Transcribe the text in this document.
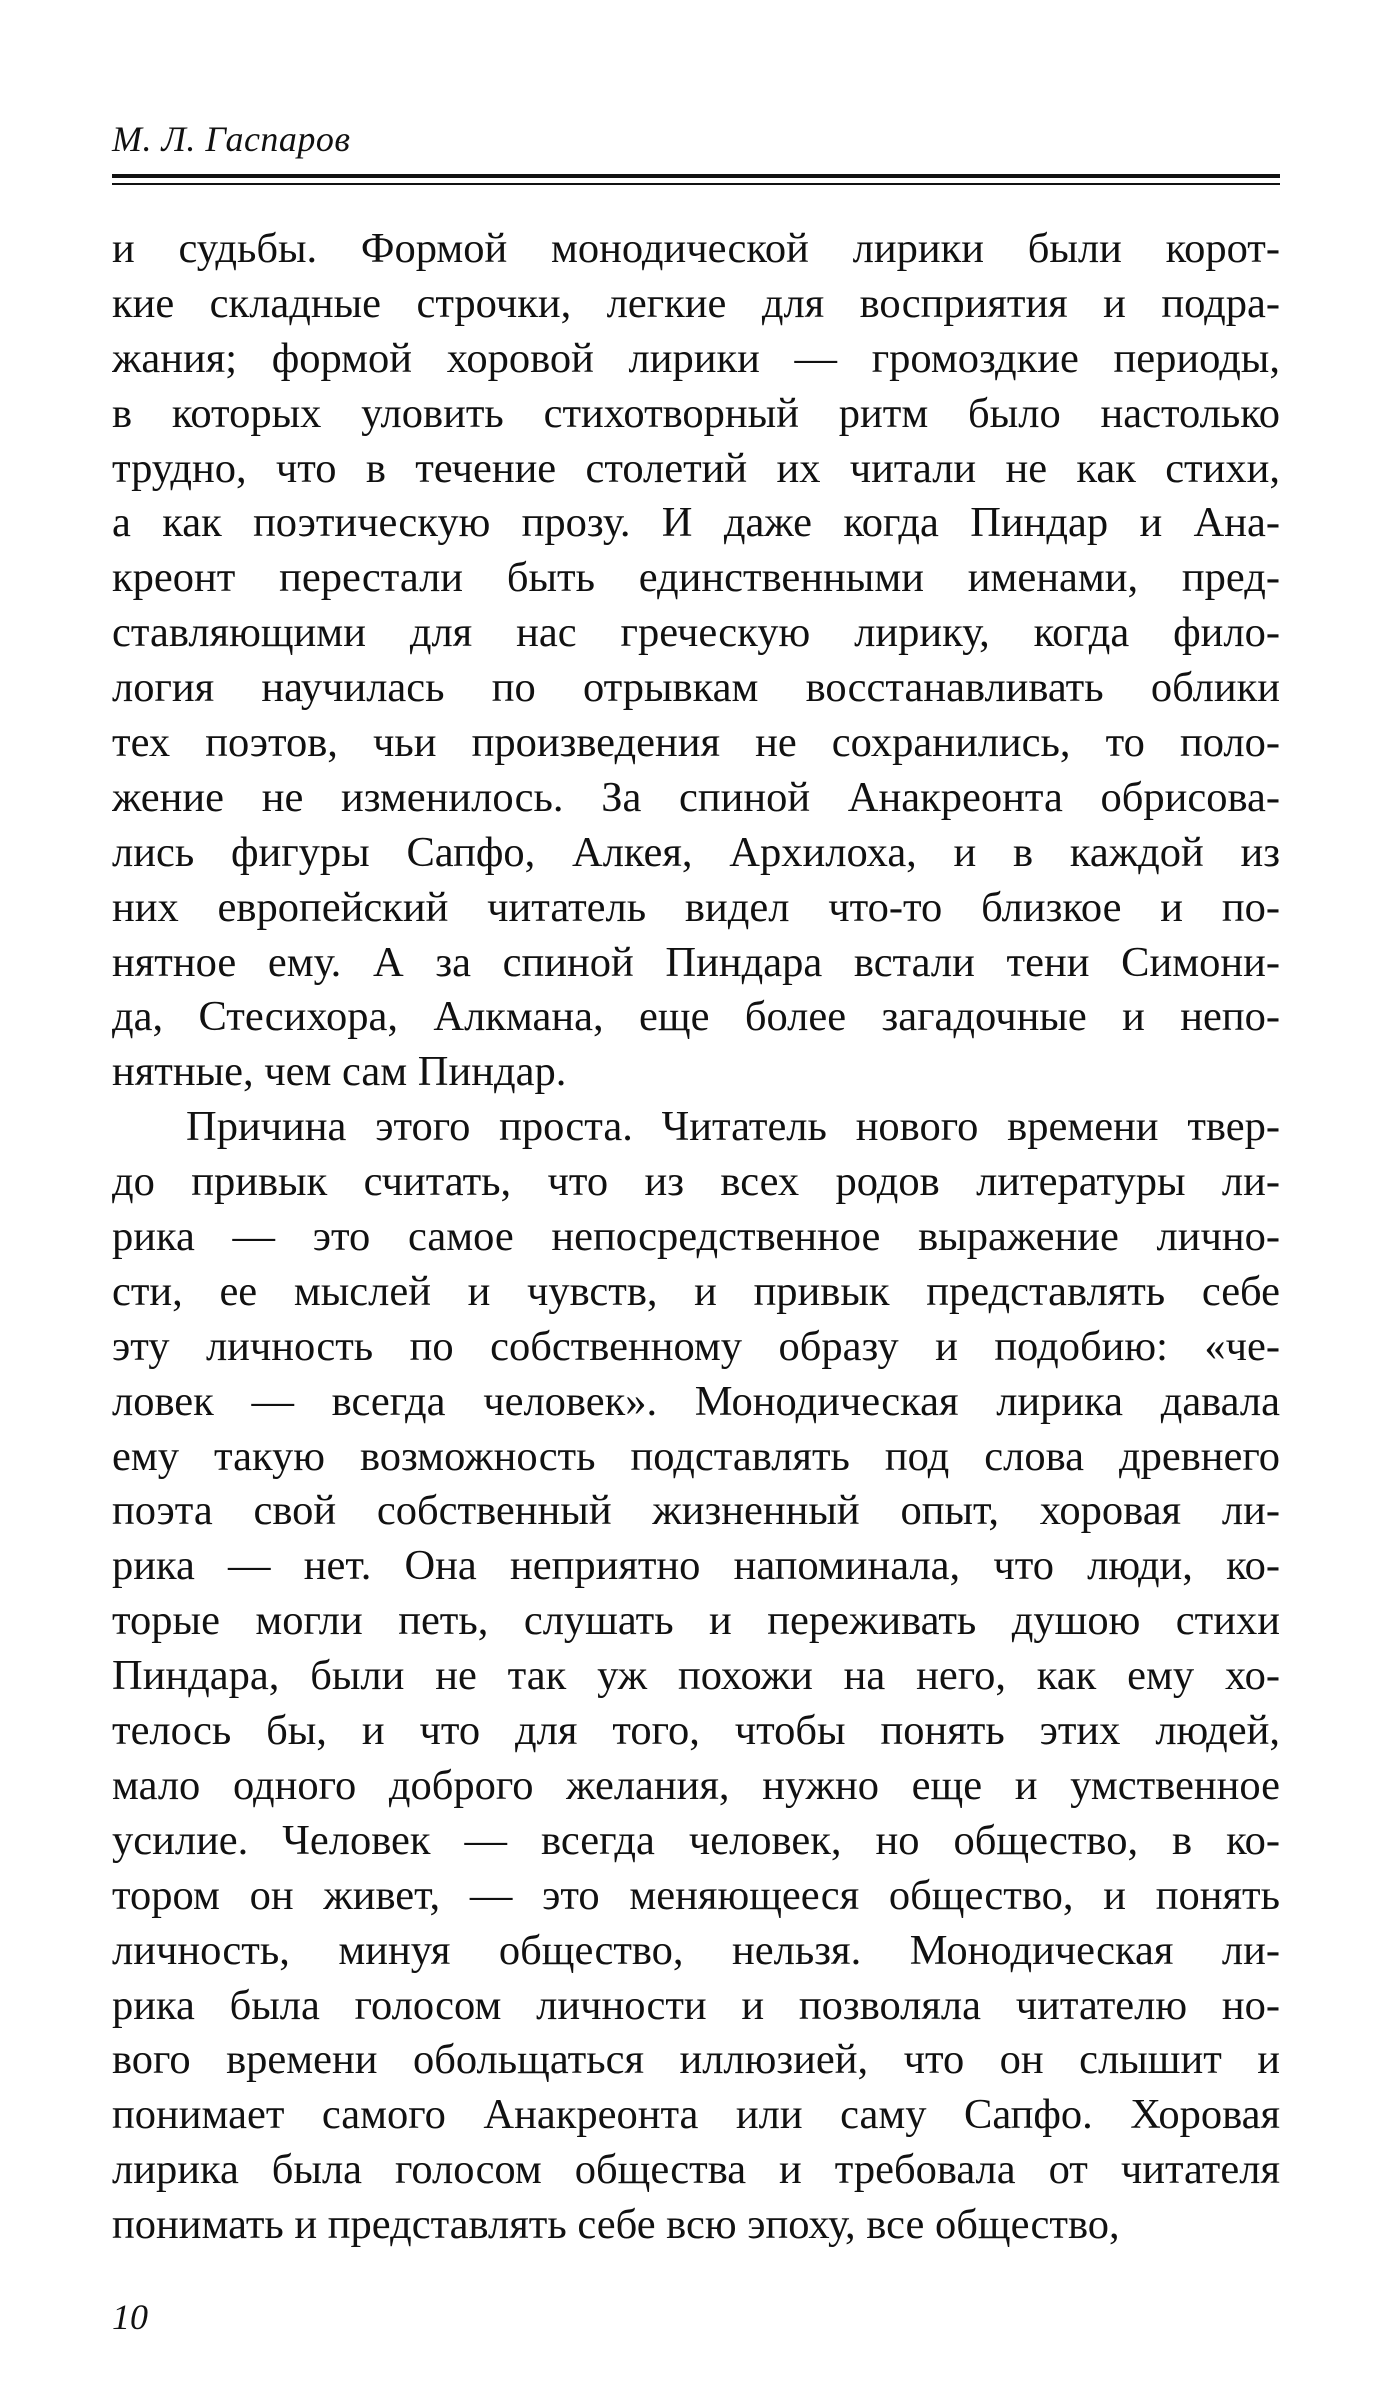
М. Л. Гаспаров
и судьбы. Формой монодической лирики были корот-
кие складные строчки, легкие для восприятия и подра-
жания; формой хоровой лирики — громоздкие периоды,
в которых уловить стихотворный ритм было настолько
трудно, что в течение столетий их читали не как стихи,
а как поэтическую прозу. И даже когда Пиндар и Ана-
креонт перестали быть единственными именами, пред-
ставляющими для нас греческую лирику, когда фило-
логия научилась по отрывкам восстанавливать облики
тех поэтов, чьи произведения не сохранились, то поло-
жение не изменилось. За спиной Анакреонта обрисова-
лись фигуры Сапфо, Алкея, Архилоха, и в каждой из
них европейский читатель видел что-то близкое и по-
нятное ему. А за спиной Пиндара встали тени Симони-
да, Стесихора, Алкмана, еще более загадочные и непо-
нятные, чем сам Пиндар.
Причина этого проста. Читатель нового времени твер-
до привык считать, что из всех родов литературы ли-
рика — это самое непосредственное выражение лично-
сти, ее мыслей и чувств, и привык представлять себе
эту личность по собственному образу и подобию: «че-
ловек — всегда человек». Монодическая лирика давала
ему такую возможность подставлять под слова древнего
поэта свой собственный жизненный опыт, хоровая ли-
рика — нет. Она неприятно напоминала, что люди, ко-
торые могли петь, слушать и переживать душою стихи
Пиндара, были не так уж похожи на него, как ему хо-
телось бы, и что для того, чтобы понять этих людей,
мало одного доброго желания, нужно еще и умственное
усилие. Человек — всегда человек, но общество, в ко-
тором он живет, — это меняющееся общество, и понять
личность, минуя общество, нельзя. Монодическая ли-
рика была голосом личности и позволяла читателю но-
вого времени обольщаться иллюзией, что он слышит и
понимает самого Анакреонта или саму Сапфо. Хоровая
лирика была голосом общества и требовала от читателя
понимать и представлять себе всю эпоху, все общество,
10
